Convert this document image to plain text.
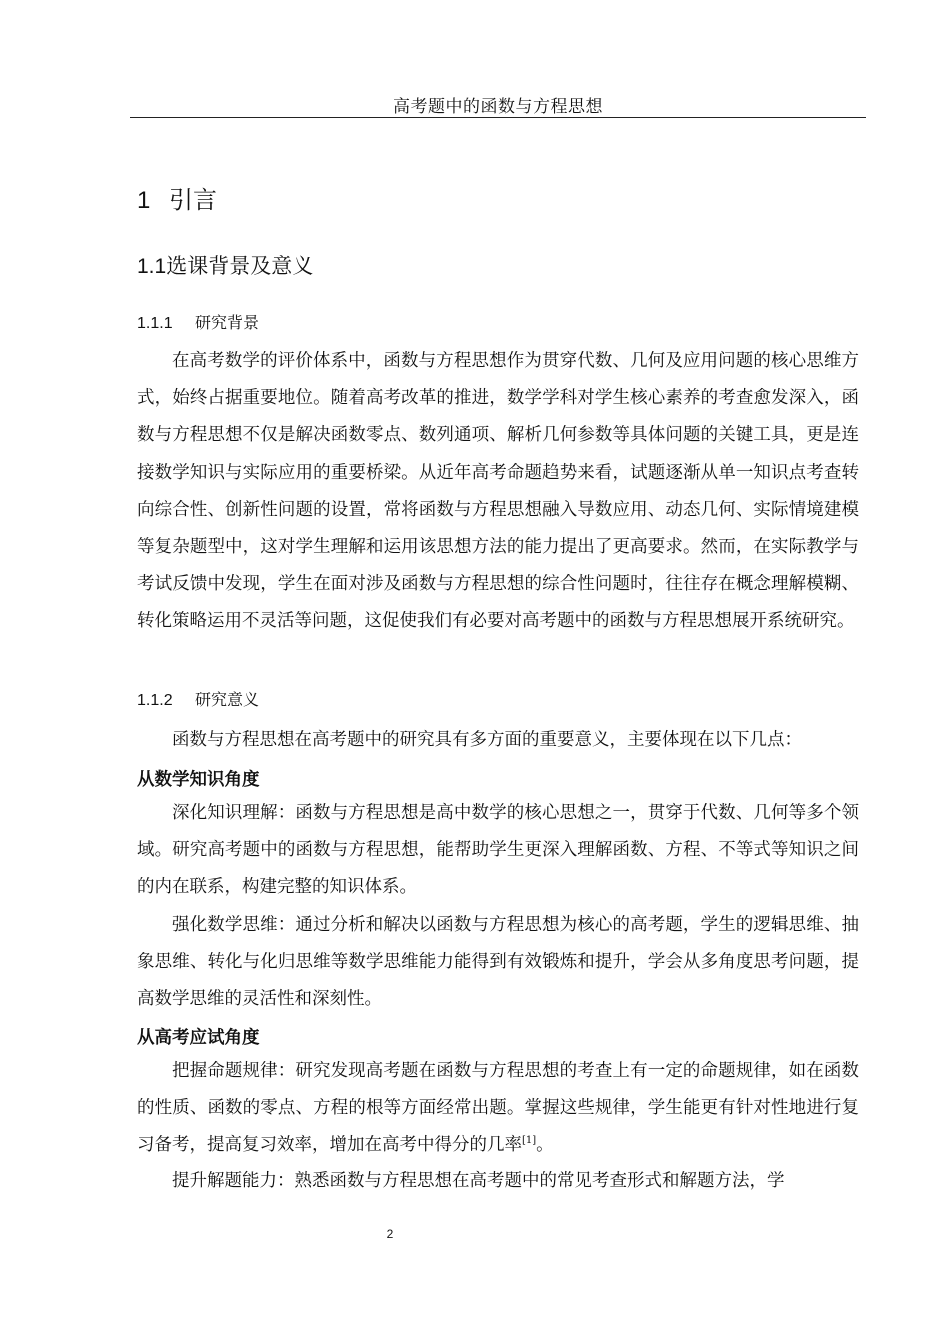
高考题中的函数与方程思想
1 引言
1.1选课背景及意义
1.1.1 研究背景

在高考数学的评价体系中，函数与方程思想作为贯穿代数、几何及应用问题的核心思维方式，始终占据重要地位。随着高考改革的推进，数学学科对学生核心素养的考查愈发深入，函数与方程思想不仅是解决函数零点、数列通项、解析几何参数等具体问题的关键工具，更是连接数学知识与实际应用的重要桥梁。从近年高考命题趋势来看，试题逐渐从单一知识点考查转向综合性、创新性问题的设置，常将函数与方程思想融入导数应用、动态几何、实际情境建模等复杂题型中，这对学生理解和运用该思想方法的能力提出了更高要求。然而，在实际教学与考试反馈中发现，学生在面对涉及函数与方程思想的综合性问题时，往往存在概念理解模糊、转化策略运用不灵活等问题，这促使我们有必要对高考题中的函数与方程思想展开系统研究。

1.1.2 研究意义

函数与方程思想在高考题中的研究具有多方面的重要意义，主要体现在以下几点：

从数学知识角度

深化知识理解：函数与方程思想是高中数学的核心思想之一，贯穿于代数、几何等多个领域。研究高考题中的函数与方程思想，能帮助学生更深入理解函数、方程、不等式等知识之间的内在联系，构建完整的知识体系。

强化数学思维：通过分析和解决以函数与方程思想为核心的高考题，学生的逻辑思维、抽象思维、转化与化归思维等数学思维能力能得到有效锻炼和提升，学会从多角度思考问题，提高数学思维的灵活性和深刻性。

从高考应试角度

把握命题规律：研究发现高考题在函数与方程思想的考查上有一定的命题规律，如在函数的性质、函数的零点、方程的根等方面经常出题。掌握这些规律，学生能更有针对性地进行复习备考，提高复习效率，增加在高考中得分的几率[1]。

提升解题能力：熟悉函数与方程思想在高考题中的常见考查形式和解题方法，学

2
